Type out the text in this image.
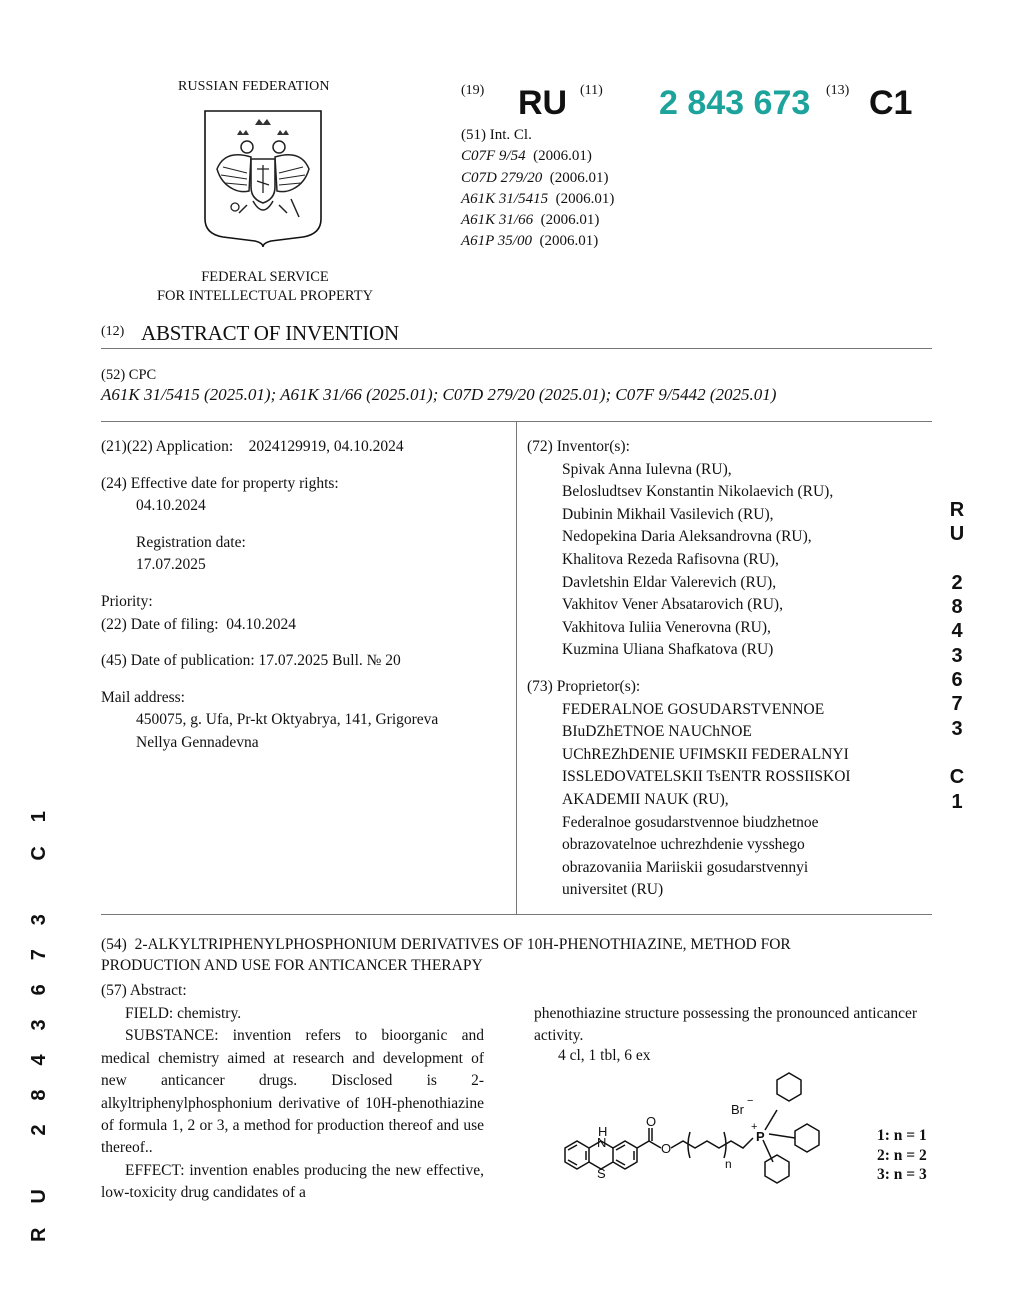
RUSSIAN FEDERATION
FEDERAL SERVICE
FOR INTELLECTUAL PROPERTY
(19) RU (11) 2 843 673 (13) C1
(51) Int. Cl.
C07F 9/54 (2006.01)
C07D 279/20 (2006.01)
A61K 31/5415 (2006.01)
A61K 31/66 (2006.01)
A61P 35/00 (2006.01)
(12) ABSTRACT OF INVENTION
(52) CPC
A61K 31/5415 (2025.01); A61K 31/66 (2025.01); C07D 279/20 (2025.01); C07F 9/5442 (2025.01)
(21)(22) Application: 2024129919, 04.10.2024
(24) Effective date for property rights:
04.10.2024
Registration date:
17.07.2025
Priority:
(22) Date of filing: 04.10.2024
(45) Date of publication: 17.07.2025 Bull. № 20
Mail address:
450075, g. Ufa, Pr-kt Oktyabrya, 141, Grigoreva
Nellya Gennadevna
(72) Inventor(s):
Spivak Anna Iulevna (RU),
Belosludtsev Konstantin Nikolaevich (RU),
Dubinin Mikhail Vasilevich (RU),
Nedopekina Daria Aleksandrovna (RU),
Khalitova Rezeda Rafisovna (RU),
Davletshin Eldar Valerevich (RU),
Vakhitov Vener Absatarovich (RU),
Vakhitova Iuliia Venerovna (RU),
Kuzmina Uliana Shafkatova (RU)
(73) Proprietor(s):
FEDERALNOE GOSUDARSTVENNOE
BIuDZhETNOE NAUChNOE
UChREZhDENIE UFIMSKII FEDERALNYI
ISSLEDOVATELSKII TsENTR ROSSIISKOI
AKADEMII NAUK (RU),
Federalnoe gosudarstvennoe biudzhetnoe
obrazovatelnoe uchrezhdenie vysshego
obrazovaniia Mariiskii gosudarstvennyi
universitet (RU)
R
U

2
8
4
3
6
7
3

C
1
R U   2 8 4 3 6 7 3   C 1	(54) 2-ALKYLTRIPHENYLPHOSPHONIUM DERIVATIVES OF 10H-PHENOTHIAZINE, METHOD FOR
PRODUCTION AND USE FOR ANTICANCER THERAPY
(57) Abstract:

FIELD: chemistry.

SUBSTANCE: invention refers to bioorganic and medical chemistry aimed at research and development of new anticancer drugs. Disclosed is 2-alkyltriphenylphosphonium derivative of 10H-phenothiazine of formula 1, 2 or 3, a method for production thereof and use thereof..

EFFECT: invention enables producing the new effective, low-toxicity drug candidates of a

phenothiazine structure possessing the pronounced anticancer activity.

4 cl, 1 tbl, 6 ex
H
N
S
O
O
Br
−
+
P
n
1: n = 1
2: n = 2
3: n = 3
